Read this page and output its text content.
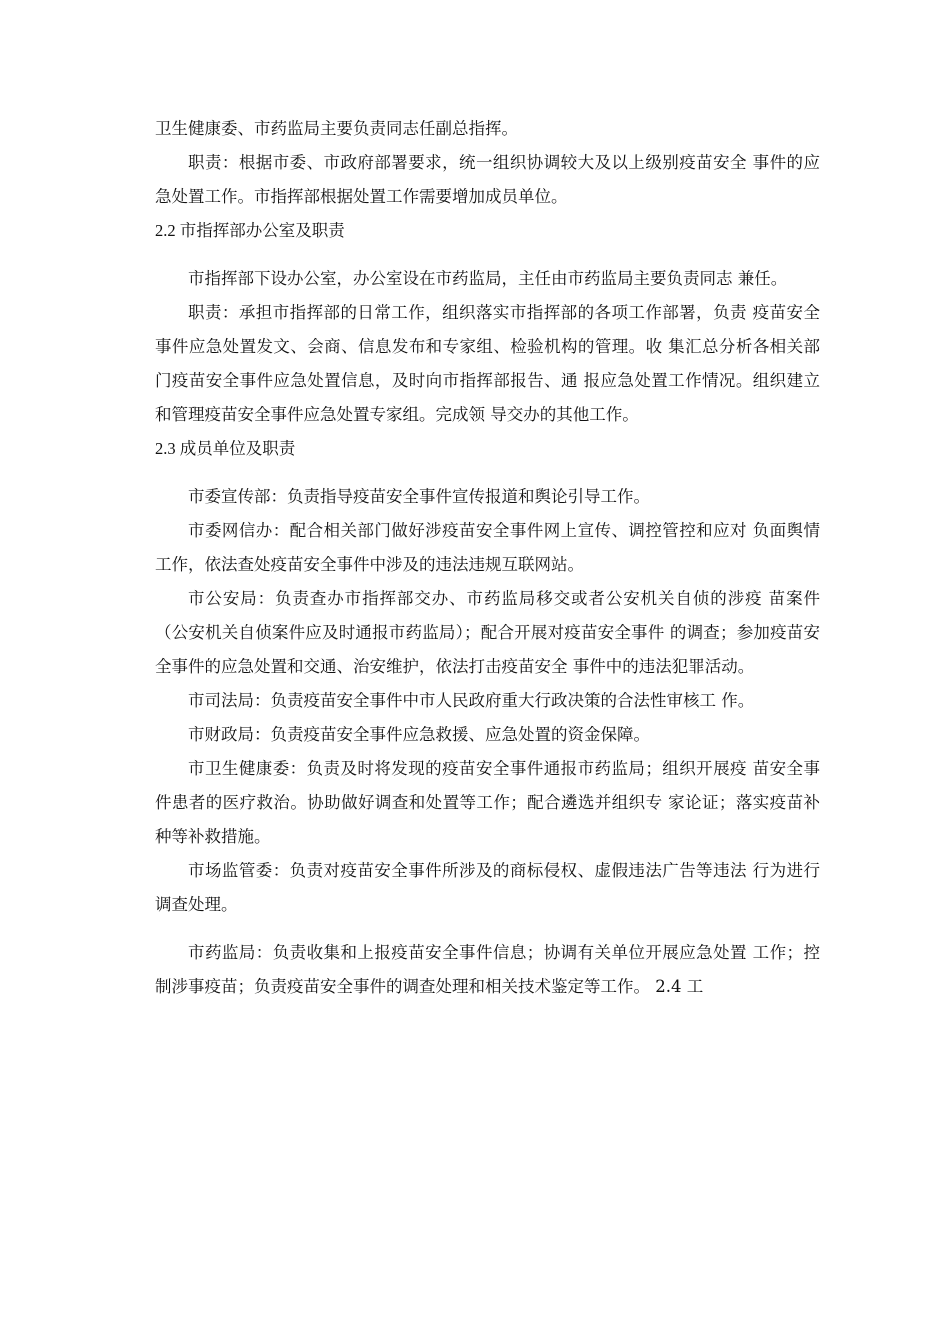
卫生健康委、市药监局主要负责同志任副总指挥。

职责：根据市委、市政府部署要求，统一组织协调较大及以上级别疫苗安全 事件的应急处置工作。市指挥部根据处置工作需要增加成员单位。

2.2 市指挥部办公室及职责

市指挥部下设办公室，办公室设在市药监局，主任由市药监局主要负责同志 兼任。

职责：承担市指挥部的日常工作，组织落实市指挥部的各项工作部署，负责 疫苗安全事件应急处置发文、会商、信息发布和专家组、检验机构的管理。收 集汇总分析各相关部门疫苗安全事件应急处置信息，及时向市指挥部报告、通 报应急处置工作情况。组织建立和管理疫苗安全事件应急处置专家组。完成领 导交办的其他工作。

2.3 成员单位及职责

市委宣传部：负责指导疫苗安全事件宣传报道和舆论引导工作。

市委网信办：配合相关部门做好涉疫苗安全事件网上宣传、调控管控和应对 负面舆情工作，依法查处疫苗安全事件中涉及的违法违规互联网站。

市公安局：负责查办市指挥部交办、市药监局移交或者公安机关自侦的涉疫 苗案件（公安机关自侦案件应及时通报市药监局）；配合开展对疫苗安全事件 的调查；参加疫苗安全事件的应急处置和交通、治安维护，依法打击疫苗安全 事件中的违法犯罪活动。

市司法局：负责疫苗安全事件中市人民政府重大行政决策的合法性审核工 作。

市财政局：负责疫苗安全事件应急救援、应急处置的资金保障。

市卫生健康委：负责及时将发现的疫苗安全事件通报市药监局；组织开展疫 苗安全事件患者的医疗救治。协助做好调查和处置等工作；配合遴选并组织专 家论证；落实疫苗补种等补救措施。

市场监管委：负责对疫苗安全事件所涉及的商标侵权、虚假违法广告等违法 行为进行调查处理。

市药监局：负责收集和上报疫苗安全事件信息；协调有关单位开展应急处置 工作；控制涉事疫苗；负责疫苗安全事件的调查处理和相关技术鉴定等工作。 2.4 工
